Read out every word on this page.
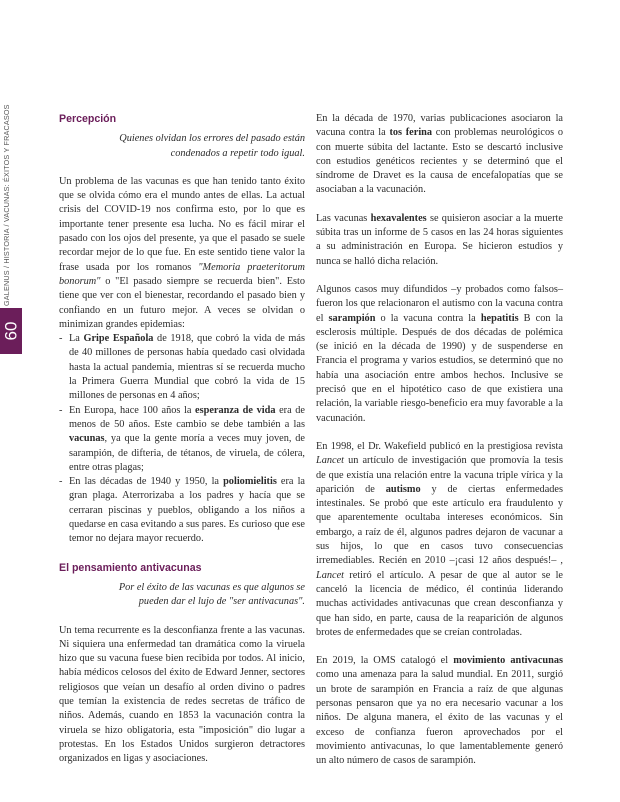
GALENUS / HISTORIA / VACUNAS: ÉXITOS Y FRACASOS
60
Percepción

Quienes olvidan los errores del pasado están condenados a repetir todo igual.

Un problema de las vacunas es que han tenido tanto éxito que se olvida cómo era el mundo antes de ellas. La actual crisis del COVID-19 nos confirma esto, por lo que es importante tener presente esa lucha. No es fácil mirar el pasado con los ojos del presente, ya que el pasado se suele recordar mejor de lo que fue. En este sentido tiene valor la frase usada por los romanos "Memoria praeteritorum bonorum" o "El pasado siempre se recuerda bien". Esto tiene que ver con el bienestar, recordando el pasado bien y confiando en un futuro mejor. A veces se olvidan o minimizan grandes epidemias:

- La Gripe Española de 1918, que cobró la vida de más de 40 millones de personas había quedado casi olvidada hasta la actual pandemia, mientras sí se recuerda mucho la Primera Guerra Mundial que cobró la vida de 15 millones de personas en 4 años;
- En Europa, hace 100 años la esperanza de vida era de menos de 50 años. Este cambio se debe también a las vacunas, ya que la gente moría a veces muy joven, de sarampión, de difteria, de tétanos, de viruela, de cólera, entre otras plagas;
- En las décadas de 1940 y 1950, la poliomielitis era la gran plaga. Aterrorizaba a los padres y hacía que se cerraran piscinas y pueblos, obligando a los niños a quedarse en casa evitando a sus pares. Es curioso que ese temor no dejara mayor recuerdo.
El pensamiento antivacunas

Por el éxito de las vacunas es que algunos se pueden dar el lujo de "ser antivacunas".

Un tema recurrente es la desconfianza frente a las vacunas. Ni siquiera una enfermedad tan dramática como la viruela hizo que su vacuna fuese bien recibida por todos. Al inicio, había médicos celosos del éxito de Edward Jenner, sectores religiosos que veían un desafío al orden divino o padres que temían la existencia de redes secretas de tráfico de niños. Además, cuando en 1853 la vacunación contra la viruela se hizo obligatoria, esta "imposición" dio lugar a protestas. En los Estados Unidos surgieron detractores organizados en ligas y asociaciones.

En la década de 1970, varias publicaciones asociaron la vacuna contra la tos ferina con problemas neurológicos o con muerte súbita del lactante. Esto se descartó inclusive con estudios genéticos recientes y se determinó que el síndrome de Dravet es la causa de encefalopatías que se asociaban a la vacunación.

Las vacunas hexavalentes se quisieron asociar a la muerte súbita tras un informe de 5 casos en las 24 horas siguientes a su administración en Europa. Se hicieron estudios y nunca se halló dicha relación.

Algunos casos muy difundidos –y probados como falsos– fueron los que relacionaron el autismo con la vacuna contra el sarampión o la vacuna contra la hepatitis B con la esclerosis múltiple. Después de dos décadas de polémica (se inició en la década de 1990) y de suspenderse en Francia el programa y varios estudios, se determinó que no había una asociación entre ambos hechos. Inclusive se precisó que en el hipotético caso de que existiera una relación, la variable riesgo-beneficio era muy favorable a la vacunación.

En 1998, el Dr. Wakefield publicó en la prestigiosa revista Lancet un artículo de investigación que promovía la tesis de que existía una relación entre la vacuna triple vírica y la aparición de autismo y de ciertas enfermedades intestinales. Se probó que este artículo era fraudulento y que aparentemente ocultaba intereses económicos. Sin embargo, a raíz de él, algunos padres dejaron de vacunar a sus hijos, lo que en casos tuvo consecuencias irremediables. Recién en 2010 –¡casi 12 años después!– , Lancet retiró el artículo. A pesar de que al autor se le canceló la licencia de médico, él continúa liderando muchas actividades antivacunas que crean desconfianza y que han sido, en parte, causa de la reaparición de algunos brotes de enfermedades que se creían controladas.

En 2019, la OMS catalogó el movimiento antivacunas como una amenaza para la salud mundial. En 2011, surgió un brote de sarampión en Francia a raíz de que algunas personas pensaron que ya no era necesario vacunar a los niños. De alguna manera, el éxito de las vacunas y el exceso de confianza fueron aprovechados por el movimiento antivacunas, lo que lamentablemente generó un alto número de casos de sarampión.
